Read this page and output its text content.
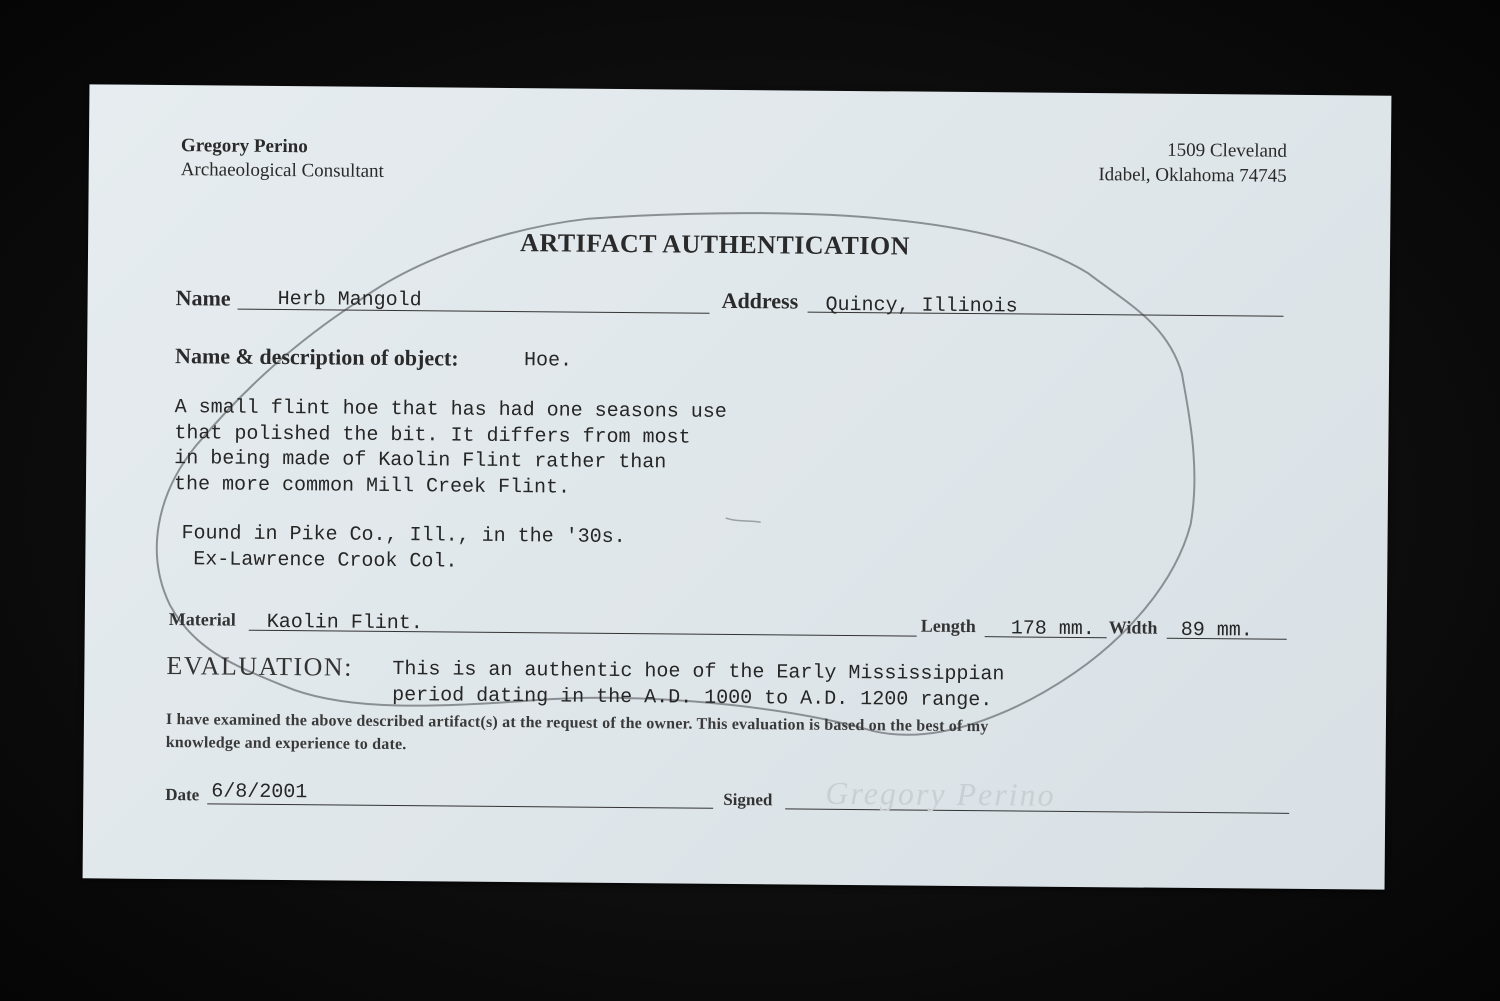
Gregory Perino
Archaeological Consultant
1509 Cleveland
Idabel, Oklahoma 74745
ARTIFACT AUTHENTICATION
Name Herb Mangold	Address Quincy, Illinois
Name & description of object:	Hoe.
A small flint hoe that has had one seasons use
that polished the bit. It differs from most
in being made of Kaolin Flint rather than
the more common Mill Creek Flint.
Found in Pike Co., Ill., in the '30s.
Ex-Lawrence Crook Col.
Material Kaolin Flint.	Length 178 mm. Width 89 mm.
EVALUATION: This is an authentic hoe of the Early Mississippian
period dating in the A.D. 1000 to A.D. 1200 range.
I have examined the above described artifact(s) at the request of the owner. This evaluation is based on the best of my
knowledge and experience to date.
Date 6/8/2001	Signed Gregory Perino
